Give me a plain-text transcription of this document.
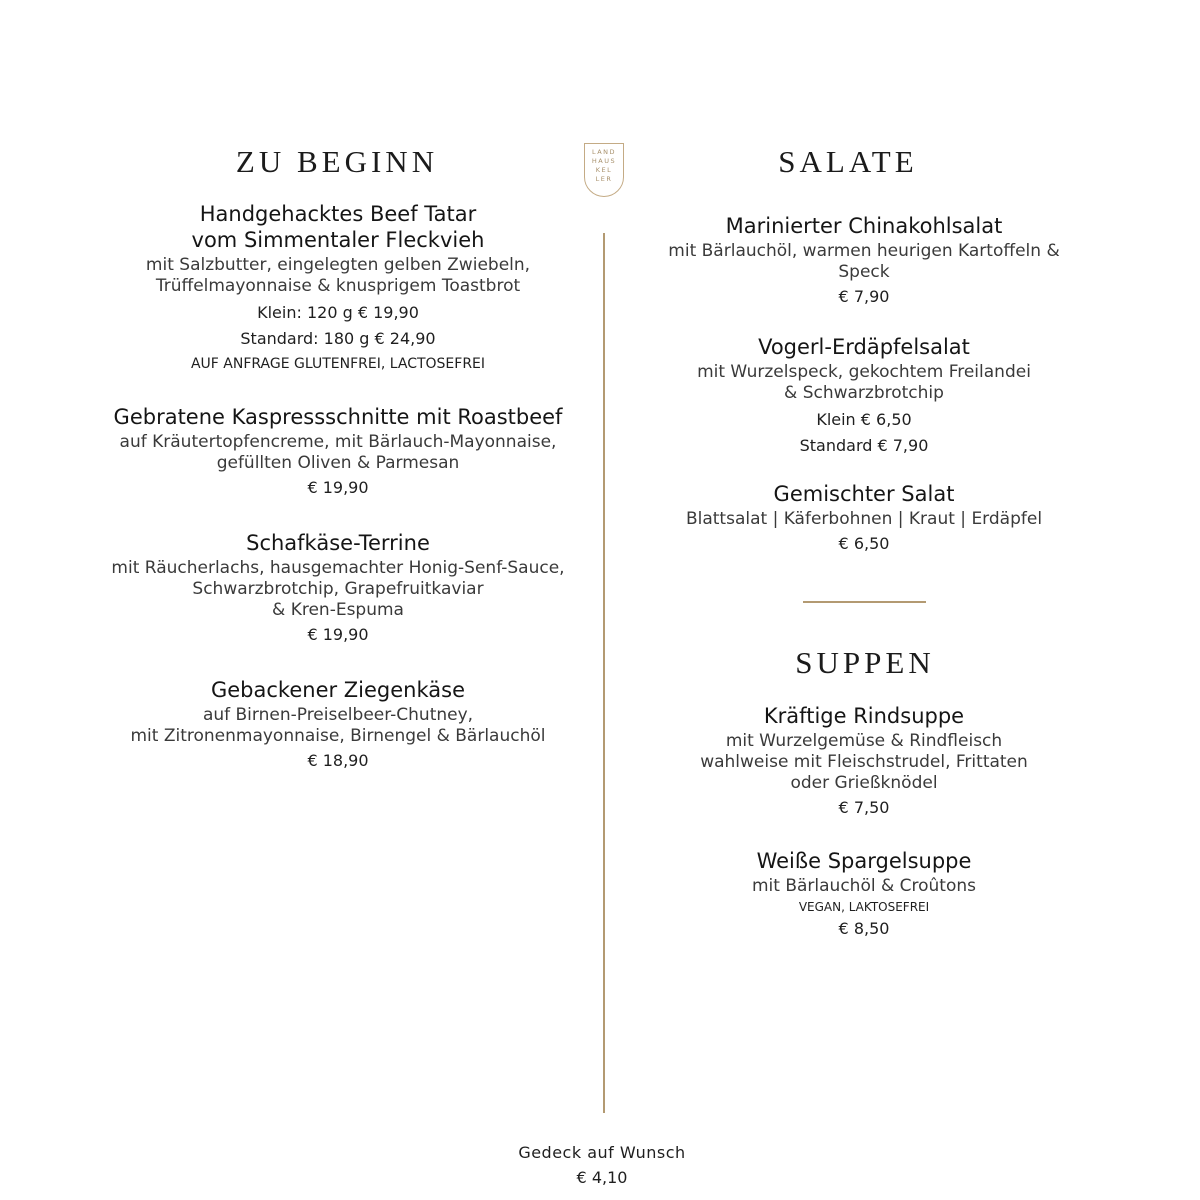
LAND
HAUS
KEL
LER
ZU BEGINN	SALATE
SUPPEN
Handgehacktes Beef Tatar
vom Simmentaler Fleckvieh
mit Salzbutter, eingelegten gelben Zwiebeln,
Trüffelmayonnaise & knusprigem Toastbrot
Klein: 120 g € 19,90
Standard: 180 g € 24,90
AUF ANFRAGE GLUTENFREI, LACTOSEFREI
Gebratene Kaspressschnitte mit Roastbeef
auf Kräutertopfencreme, mit Bärlauch-Mayonnaise,
gefüllten Oliven & Parmesan
€ 19,90
Schafkäse-Terrine
mit Räucherlachs, hausgemachter Honig-Senf-Sauce,
Schwarzbrotchip, Grapefruitkaviar
& Kren-Espuma
€ 19,90
Gebackener Ziegenkäse
auf Birnen-Preiselbeer-Chutney,
mit Zitronenmayonnaise, Birnengel & Bärlauchöl
€ 18,90
Marinierter Chinakohlsalat
mit Bärlauchöl, warmen heurigen Kartoffeln &
Speck
€ 7,90
Vogerl-Erdäpfelsalat
mit Wurzelspeck, gekochtem Freilandei
& Schwarzbrotchip
Klein € 6,50
Standard € 7,90
Gemischter Salat
Blattsalat | Käferbohnen | Kraut | Erdäpfel
€ 6,50
Kräftige Rindsuppe
mit Wurzelgemüse & Rindfleisch
wahlweise mit Fleischstrudel, Frittaten
oder Grießknödel
€ 7,50
Weiße Spargelsuppe
mit Bärlauchöl & Croûtons
VEGAN, LAKTOSEFREI
€ 8,50
Gedeck auf Wunsch
€ 4,10
